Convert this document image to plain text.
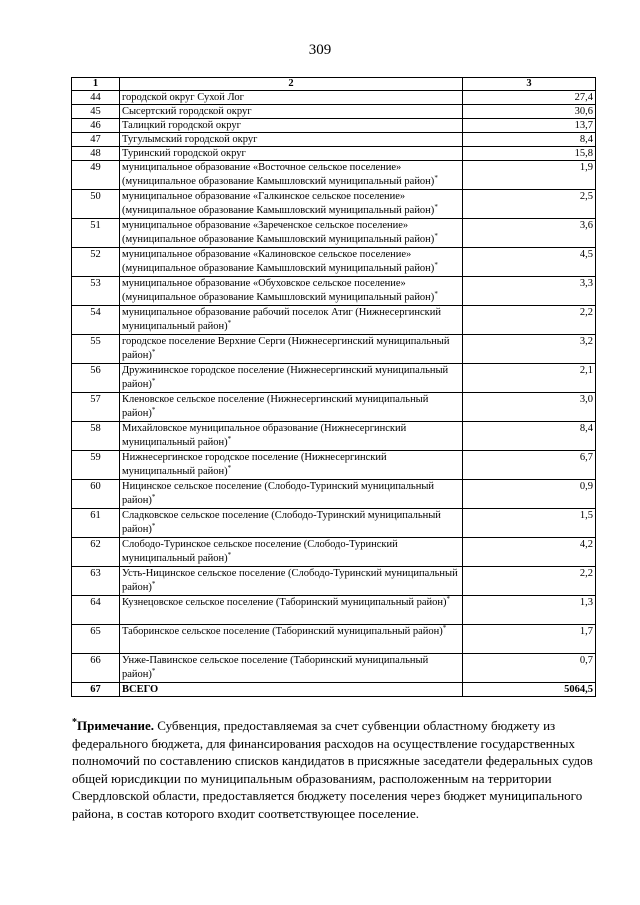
309
1	2	3
44	городской округ Сухой Лог	27,4
45	Сысертский городской округ	30,6
46	Талицкий городской округ	13,7
47	Тугулымский городской округ	8,4
48	Туринский городской округ	15,8
49	муниципальное образование «Восточное сельское поселение» (муниципальное образование Камышловский муниципальный район)*	1,9
50	муниципальное образование «Галкинское сельское поселение» (муниципальное образование Камышловский муниципальный район)*	2,5
51	муниципальное образование «Зареченское сельское поселение» (муниципальное образование Камышловский муниципальный район)*	3,6
52	муниципальное образование «Калиновское сельское поселение» (муниципальное образование Камышловский муниципальный район)*	4,5
53	муниципальное образование «Обуховское сельское поселение» (муниципальное образование Камышловский муниципальный район)*	3,3
54	муниципальное образование рабочий поселок Атиг (Нижнесергинский муниципальный район)*	2,2
55	городское поселение Верхние Серги (Нижнесергинский муниципальный район)*	3,2
56	Дружининское городское поселение (Нижнесергинский муниципальный район)*	2,1
57	Кленовское сельское поселение (Нижнесергинский муниципальный район)*	3,0
58	Михайловское муниципальное образование (Нижнесергинский муниципальный район)*	8,4
59	Нижнесергинское городское поселение (Нижнесергинский муниципальный район)*	6,7
60	Ницинское сельское поселение (Слободо-Туринский муниципальный район)*	0,9
61	Сладковское сельское поселение (Слободо-Туринский муниципальный район)*	1,5
62	Слободо-Туринское сельское поселение (Слободо-Туринский муниципальный район)*	4,2
63	Усть-Ницинское сельское поселение (Слободо-Туринский муниципальный район)*	2,2
64	Кузнецовское сельское поселение (Таборинский муниципальный район)*	1,3
65	Таборинское сельское поселение (Таборинский муниципальный район)*	1,7
66	Унже-Павинское сельское поселение (Таборинский муниципальный район)*	0,7
67	ВСЕГО	5064,5
*Примечание. Субвенция, предоставляемая за счет субвенции областному бюджету из федерального бюджета, для финансирования расходов на осуществление государственных полномочий по составлению списков кандидатов в присяжные заседатели федеральных судов общей юрисдикции по муниципальным образованиям, расположенным на территории Свердловской области, предоставляется бюджету поселения через бюджет муниципального района, в состав которого входит соответствующее поселение.
